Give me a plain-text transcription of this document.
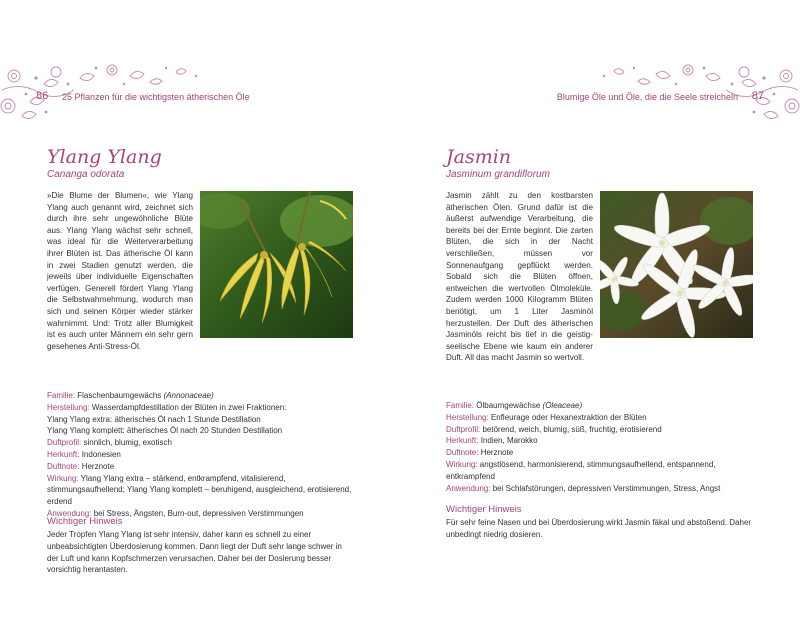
86 25 Pflanzen für die wichtigsten ätherischen Öle
Ylang Ylang
Cananga odorata
»Die Blume der Blumen«, wie Ylang Ylang auch genannt wird, zeichnet sich durch ihre sehr ungewöhnliche Blüte aus. Ylang Ylang wächst sehr schnell, was ideal für die Weiterverarbeitung ihrer Blüten ist. Das ätherische Öl kann in zwei Stadien genutzt werden, die jeweils über individuelle Eigenschaften verfügen. Generell fördert Ylang Ylang die Selbstwahrnehmung, wodurch man sich und seinen Körper wieder stärker wahrnimmt. Und: Trotz aller Blumigkeit ist es auch unter Männern ein sehr gern gesehenes Anti-Stress-Öl.
Familie: Flaschenbaumgewächs (Annonaceae)
Herstellung: Wasserdampfdestillation der Blüten in zwei Fraktionen:
Ylang Ylang extra: ätherisches Öl nach 1 Stunde Destillation
Ylang Ylang komplett: ätherisches Öl nach 20 Stunden Destillation
Duftprofil: sinnlich, blumig, exotisch
Herkunft: Indonesien
Duftnote: Herznote
Wirkung: Ylang Ylang extra – stärkend, entkrampfend, vitalisierend, stimmungsaufhellend; Ylang Ylang komplett – beruhigend, ausgleichend, erotisierend, erdend
Anwendung: bei Stress, Ängsten, Burn-out, depressiven Verstimmungen
Wichtiger Hinweis
Jeder Tropfen Ylang Ylang ist sehr intensiv, daher kann es schnell zu einer unbeabsichtigten Überdosierung kommen. Dann liegt der Duft sehr lange schwer in der Luft und kann Kopfschmerzen verursachen. Daher bei der Dosierung besser vorsichtig herantasten.
Blumige Öle und Öle, die die Seele streicheln 87
Jasmin
Jasminum grandiflorum
Jasmin zählt zu den kostbarsten ätherischen Ölen. Grund dafür ist die äußerst aufwendige Verarbeitung, die bereits bei der Ernte beginnt. Die zarten Blüten, die sich in der Nacht verschließen, müssen vor Sonnenaufgang gepflückt werden. Sobald sich die Blüten öffnen, entweichen die wertvollen Ölmoleküle. Zudem werden 1000 Kilogramm Blüten benötigt, um 1 Liter Jasminöl herzustellen. Der Duft des ätherischen Jasminöls reicht bis tief in die geistig-seelische Ebene wie kaum ein anderer Duft. All das macht Jasmin so wertvoll.
Familie: Ölbaumgewächse (Oleaceae)
Herstellung: Enfleurage oder Hexanextraktion der Blüten
Duftprofil: betörend, weich, blumig, süß, fruchtig, erotisierend
Herkunft: Indien, Marokko
Duftnote: Herznote
Wirkung: angstlösend, harmonisierend, stimmungsaufhellend, entspannend, entkrampfend
Anwendung: bei Schlafstörungen, depressiven Verstimmungen, Stress, Angst
Wichtiger Hinweis
Für sehr feine Nasen und bei Überdosierung wirkt Jasmin fäkal und abstoßend. Daher unbedingt niedrig dosieren.
